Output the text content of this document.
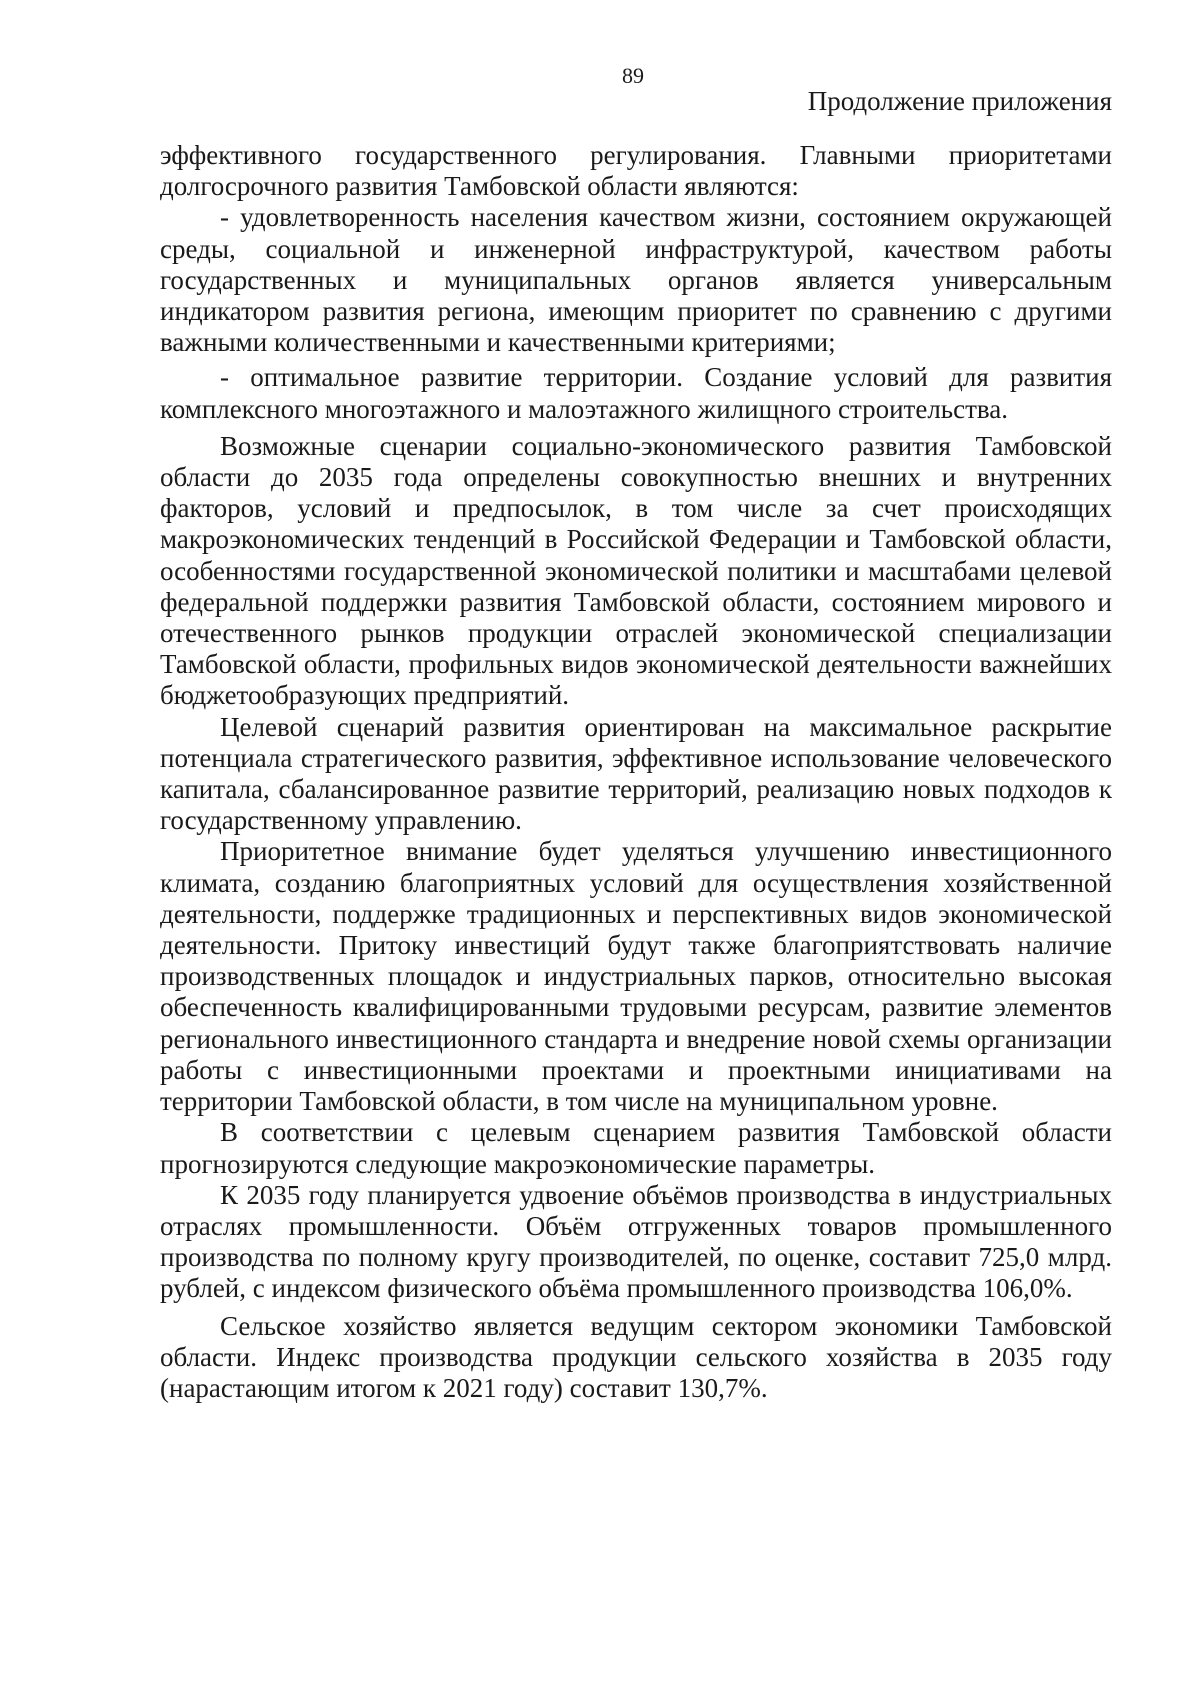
89

Продолжение приложения

эффективного государственного регулирования. Главными приоритетами долгосрочного развития Тамбовской области являются:

- удовлетворенность населения качеством жизни, состоянием окружающей среды, социальной и инженерной инфраструктурой, качеством работы государственных и муниципальных органов является универсальным индикатором развития региона, имеющим приоритет по сравнению с другими важными количественными и качественными критериями;

- оптимальное развитие территории. Создание условий для развития комплексного многоэтажного и малоэтажного жилищного строительства.

Возможные сценарии социально-экономического развития Тамбовской области до 2035 года определены совокупностью внешних и внутренних факторов, условий и предпосылок, в том числе за счет происходящих макроэкономических тенденций в Российской Федерации и Тамбовской области, особенностями государственной экономической политики и масштабами целевой федеральной поддержки развития Тамбовской области, состоянием мирового и отечественного рынков продукции отраслей экономической специализации Тамбовской области, профильных видов экономической деятельности важнейших бюджетообразующих предприятий.

Целевой сценарий развития ориентирован на максимальное раскрытие потенциала стратегического развития, эффективное использование человеческого капитала, сбалансированное развитие территорий, реализацию новых подходов к государственному управлению.

Приоритетное внимание будет уделяться улучшению инвестиционного климата, созданию благоприятных условий для осуществления хозяйственной деятельности, поддержке традиционных и перспективных видов экономической деятельности. Притоку инвестиций будут также благоприятствовать наличие производственных площадок и индустриальных парков, относительно высокая обеспеченность квалифицированными трудовыми ресурсам, развитие элементов регионального инвестиционного стандарта и внедрение новой схемы организации работы с инвестиционными проектами и проектными инициативами на территории Тамбовской области, в том числе на муниципальном уровне.

В соответствии с целевым сценарием развития Тамбовской области прогнозируются следующие макроэкономические параметры.

К 2035 году планируется удвоение объёмов производства в индустриальных отраслях промышленности. Объём отгруженных товаров промышленного производства по полному кругу производителей, по оценке, составит 725,0 млрд. рублей, с индексом физического объёма промышленного производства 106,0%.

Сельское хозяйство является ведущим сектором экономики Тамбовской области. Индекс производства продукции сельского хозяйства в 2035 году (нарастающим итогом к 2021 году) составит 130,7%.
